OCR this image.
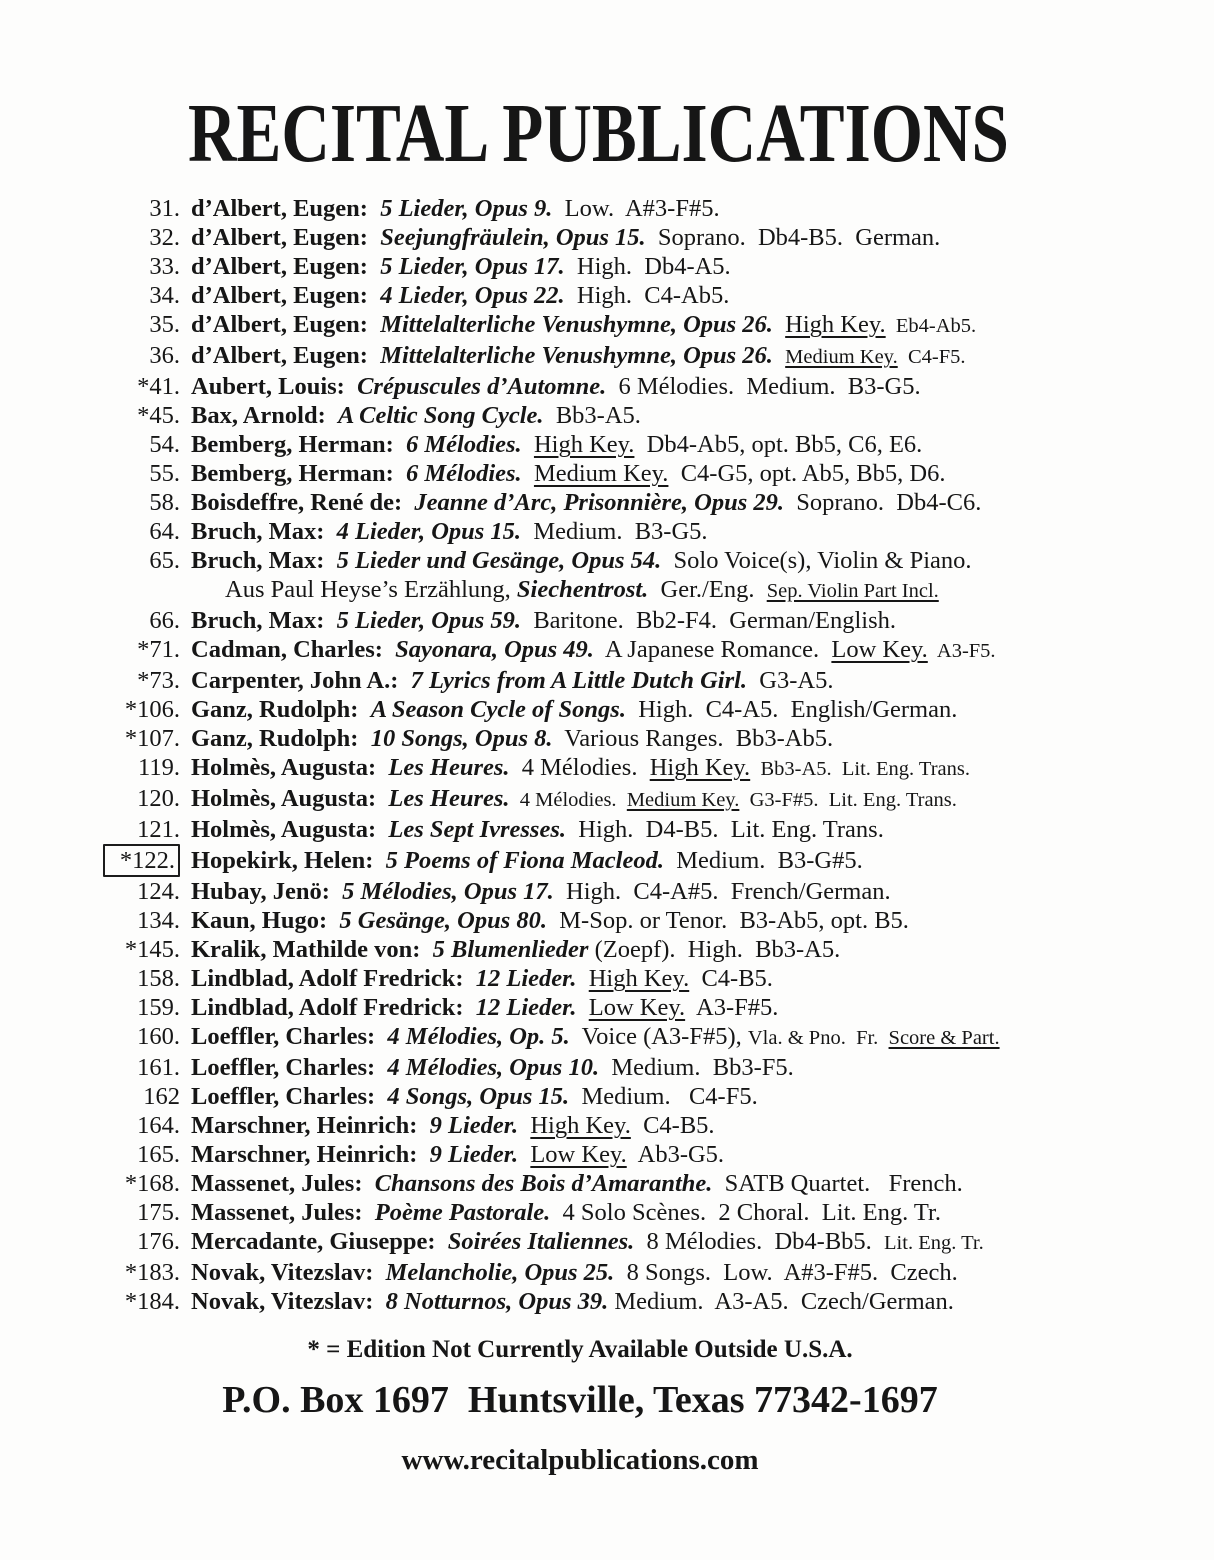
RECITAL PUBLICATIONS
31. d’Albert, Eugen:  5 Lieder, Opus 9.  Low.  A#3-F#5.
32. d’Albert, Eugen:  Seejungfräulein, Opus 15.  Soprano.  Db4-B5.  German.
33. d’Albert, Eugen:  5 Lieder, Opus 17.  High.  Db4-A5.
34. d’Albert, Eugen:  4 Lieder, Opus 22.  High.  C4-Ab5.
35. d’Albert, Eugen:  Mittelalterliche Venushymne, Opus 26. High Key.  Eb4-Ab5.
36. d’Albert, Eugen:  Mittelalterliche Venushymne, Opus 26. Medium Key.  C4-F5.
*41. Aubert, Louis:  Crépuscules d’Automne.  6 Mélodies.  Medium.  B3-G5.
*45. Bax, Arnold:  A Celtic Song Cycle.  Bb3-A5.
54. Bemberg, Herman:  6 Mélodies. High Key.  Db4-Ab5, opt. Bb5, C6, E6.
55. Bemberg, Herman:  6 Mélodies. Medium Key.  C4-G5, opt. Ab5, Bb5, D6.
58. Boisdeffre, René de:  Jeanne d’Arc, Prisonnière, Opus 29.  Soprano.  Db4-C6.
64. Bruch, Max:  4 Lieder, Opus 15.  Medium.  B3-G5.
65. Bruch, Max:  5 Lieder und Gesänge, Opus 54.  Solo Voice(s), Violin & Piano.
Aus Paul Heyse’s Erzählung, Siechentrost.  Ger./Eng.  Sep. Violin Part Incl.
66. Bruch, Max:  5 Lieder, Opus 59.  Baritone.  Bb2-F4.  German/English.
*71. Cadman, Charles:  Sayonara, Opus 49.  A Japanese Romance.  Low Key.  A3-F5.
*73. Carpenter, John A.:  7 Lyrics from A Little Dutch Girl.  G3-A5.
*106. Ganz, Rudolph:  A Season Cycle of Songs.  High.  C4-A5.  English/German.
*107. Ganz, Rudolph:  10 Songs, Opus 8.  Various Ranges.  Bb3-Ab5.
119. Holmès, Augusta:  Les Heures.  4 Mélodies.  High Key.  Bb3-A5.  Lit. Eng. Trans.
120. Holmès, Augusta:  Les Heures.  4 Mélodies.  Medium Key.  G3-F#5.  Lit. Eng. Trans.
121. Holmès, Augusta:  Les Sept Ivresses.  High.  D4-B5.  Lit. Eng. Trans.
*122. Hopekirk, Helen:  5 Poems of Fiona Macleod.  Medium.  B3-G#5.
124. Hubay, Jenö:  5 Mélodies, Opus 17.  High.  C4-A#5.  French/German.
134. Kaun, Hugo:  5 Gesänge, Opus 80.  M-Sop. or Tenor.  B3-Ab5, opt. B5.
*145. Kralik, Mathilde von:  5 Blumenlieder (Zoepf).  High.  Bb3-A5.
158. Lindblad, Adolf Fredrick:  12 Lieder. High Key.  C4-B5.
159. Lindblad, Adolf Fredrick:  12 Lieder. Low Key.  A3-F#5.
160. Loeffler, Charles:  4 Mélodies, Op. 5.  Voice (A3-F#5), Vla. & Pno.  Fr.  Score & Part.
161. Loeffler, Charles:  4 Mélodies, Opus 10.  Medium.  Bb3-F5.
162 Loeffler, Charles:  4 Songs, Opus 15.  Medium.   C4-F5.
164. Marschner, Heinrich:  9 Lieder. High Key.  C4-B5.
165. Marschner, Heinrich:  9 Lieder. Low Key.  Ab3-G5.
*168. Massenet, Jules:  Chansons des Bois d’Amaranthe.  SATB Quartet.   French.
175. Massenet, Jules:  Poème Pastorale.  4 Solo Scènes.  2 Choral.  Lit. Eng. Tr.
176. Mercadante, Giuseppe:  Soirées Italiennes.  8 Mélodies.  Db4-Bb5.  Lit. Eng. Tr.
*183. Novak, Vitezslav:  Melancholie, Opus 25.  8 Songs.  Low.  A#3-F#5.  Czech.
*184. Novak, Vitezslav:  8 Notturnos, Opus 39. Medium.  A3-A5.  Czech/German.
* = Edition Not Currently Available Outside U.S.A.
P.O. Box 1697  Huntsville, Texas 77342-1697
www.recitalpublications.com
